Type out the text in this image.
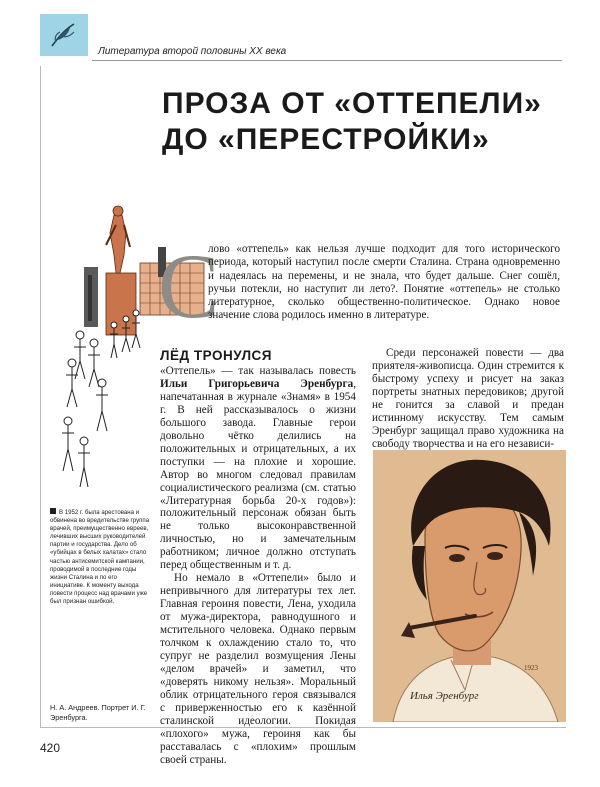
Литература второй половины XX века
ПРОЗА ОТ «ОТТЕПЕЛИ»
ДО «ПЕРЕСТРОЙКИ»
С

лово «оттепель» как нельзя лучше подходит для того исторического периода, который наступил после смерти Сталина. Страна одновременно и надеялась на перемены, и не знала, что будет дальше. Снег сошёл, ручьи потекли, но наступит ли лето?. Понятие «оттепель» не столько литературное, сколько общественно-политическое. Однако новое значение слова родилось именно в литературе.

ЛЁД ТРОНУЛСЯ

«Оттепель» — так называлась повесть Ильи Григорьевича Эренбурга, напечатанная в журнале «Знамя» в 1954 г. В ней рассказывалось о жизни большого завода. Главные герои довольно чётко делились на положительных и отрицательных, а их поступки — на плохие и хорошие. Автор во многом следовал правилам социалистического реализма (см. статью «Литературная борьба 20-х годов»): положительный персонаж обязан быть не только высоконравственной личностью, но и замечательным работником; личное должно отступать перед общественным и т. д.

Но немало в «Оттепели» было и непривычного для литературы тех лет. Главная героиня повести, Лена, уходила от мужа-директора, равнодушного и мстительного человека. Однако первым толчком к охлаждению стало то, что супруг не разделил возмущения Лены «делом врачей» и заметил, что «доверять никому нельзя». Моральный облик отрицательного героя связывался с приверженностью его к казённой сталинской идеологии. Покидая «плохого» мужа, героиня как бы расставалась с «плохим» прошлым своей страны.

Среди персонажей повести — два приятеля-живописца. Один стремится к быстрому успеху и рисует на заказ портреты знатных передовиков; другой не гонится за славой и предан истинному искусству. Тем самым Эренбург защищал право художника на свободу творчества и на его независи-

В 1952 г. была арестована и обвинена во вредительстве группа врачей, преимущественно евреев, лечивших высших руководителей партии и государства. Дело об «убийцах в белых халатах» стало частью антисемитской кампании, проводимой в последние годы жизни Сталина и по его инициативе. К моменту выхода повести процесс над врачами уже был признан ошибкой.
Н. А. Андреев. Портрет И. Г. Эренбурга.
1923
Илья Эренбург
420
